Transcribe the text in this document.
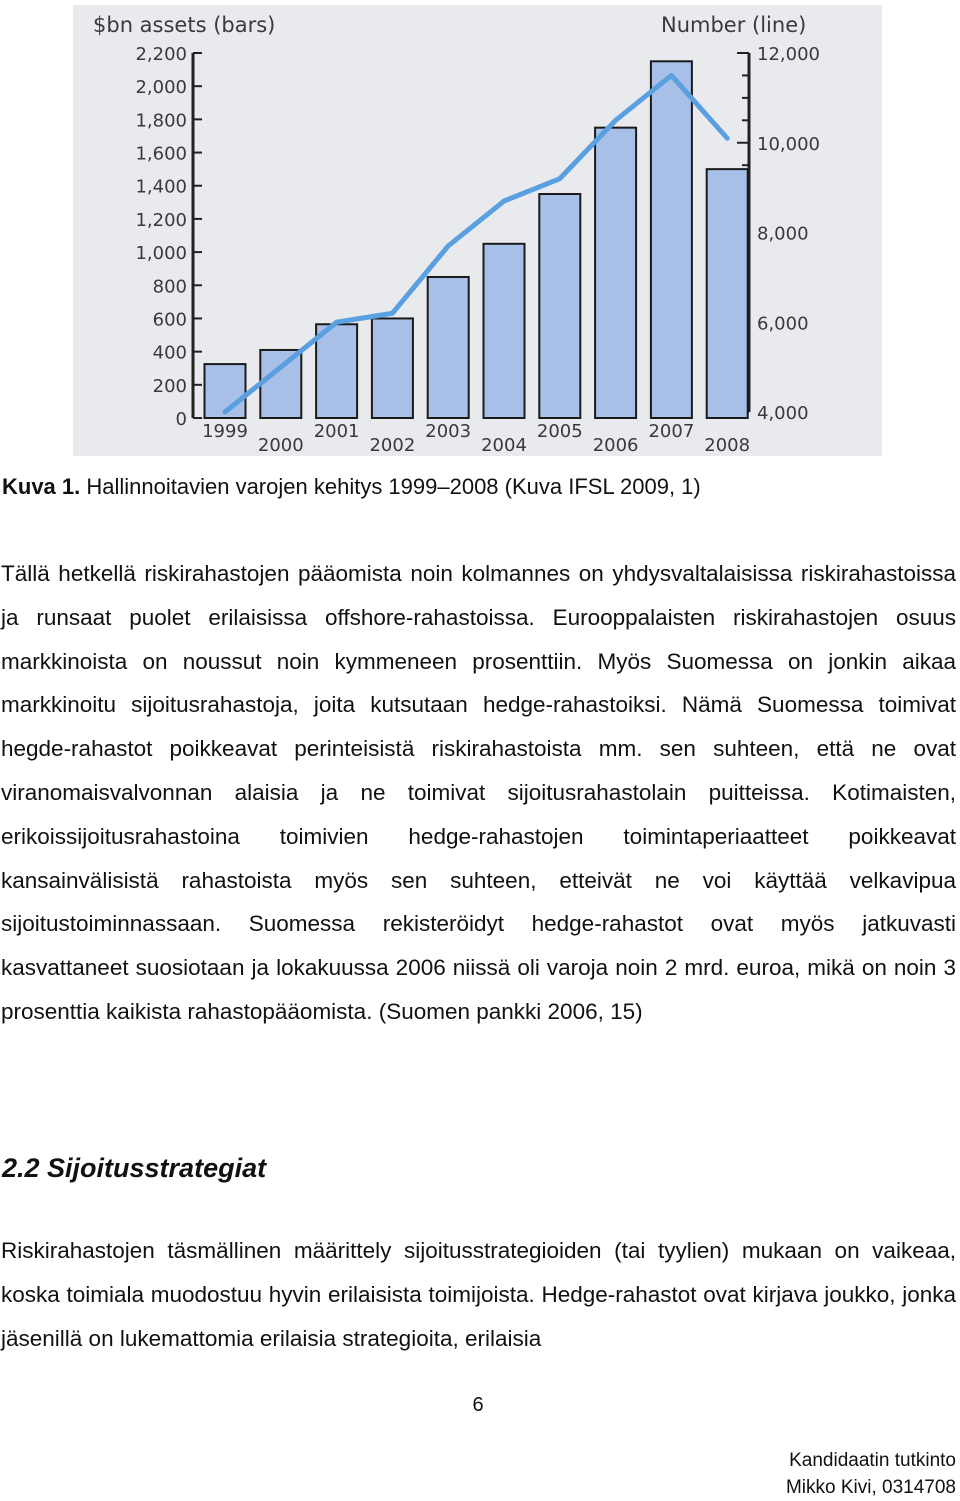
$bn assets (bars)	Number (line)
0
200
400
600
800
1,000
1,200
1,400
1,600
1,800
2,000
2,200
4,000
6,000
8,000
10,000
12,000
1999
2000
2001
2002
2003
2004
2005
2006
2007
2008
Kuva 1. Hallinnoitavien varojen kehitys 1999–2008 (Kuva IFSL 2009, 1)

Tällä hetkellä riskirahastojen pääomista noin kolmannes on yhdysvaltalaisissa riskirahastoissa ja runsaat puolet erilaisissa offshore-rahastoissa. Eurooppalaisten riskirahastojen osuus markkinoista on noussut noin kymmeneen prosenttiin. Myös Suomessa on jonkin aikaa markkinoitu sijoitusrahastoja, joita kutsutaan hedge-rahastoiksi. Nämä Suomessa toimivat hegde-rahastot poikkeavat perinteisistä riskirahastoista mm. sen suhteen, että ne ovat viranomaisvalvonnan alaisia ja ne toimivat sijoitusrahastolain puitteissa. Kotimaisten, erikoissijoitusrahastoina toimivien hedge-rahastojen toimintaperiaatteet poikkeavat kansainvälisistä rahastoista myös sen suhteen, etteivät ne voi käyttää velkavipua sijoitustoiminnassaan. Suomessa rekisteröidyt hedge-rahastot ovat myös jatkuvasti kasvattaneet suosiotaan ja lokakuussa 2006 niissä oli varoja noin 2 mrd. euroa, mikä on noin 3 prosenttia kaikista rahastopääomista. (Suomen pankki 2006, 15)

2.2 Sijoitusstrategiat

Riskirahastojen täsmällinen määrittely sijoitusstrategioiden (tai tyylien) mukaan on vaikeaa, koska toimiala muodostuu hyvin erilaisista toimijoista. Hedge-rahastot ovat kirjava joukko, jonka jäsenillä on lukemattomia erilaisia strategioita, erilaisia

6
Kandidaatin tutkinto
Mikko Kivi, 0314708
